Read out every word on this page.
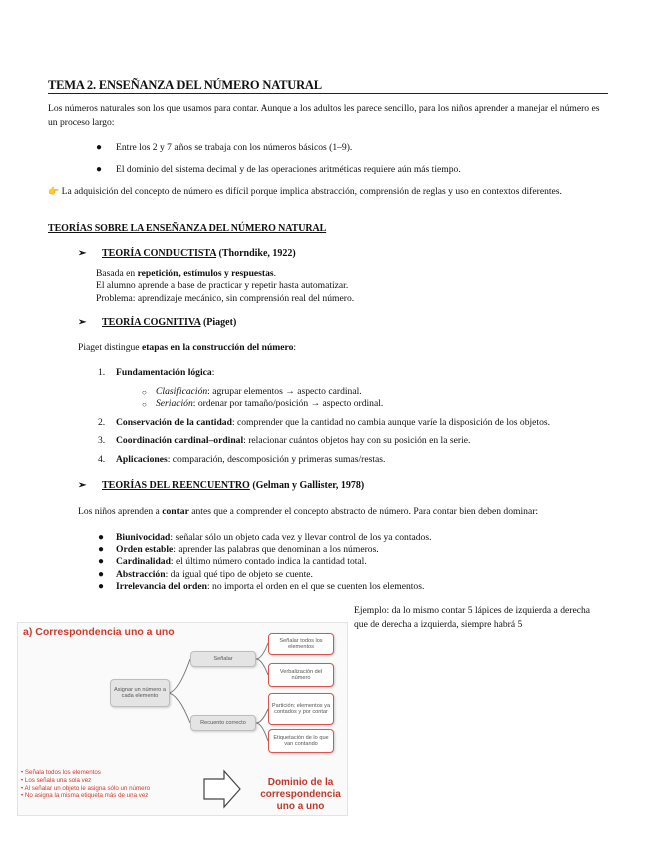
TEMA 2. ENSEÑANZA DEL NÚMERO NATURAL
Los números naturales son los que usamos para contar. Aunque a los adultos les parece sencillo, para los niños aprender a manejar el número es un proceso largo:
● Entre los 2 y 7 años se trabaja con los números básicos (1–9).
● El dominio del sistema decimal y de las operaciones aritméticas requiere aún más tiempo.
👉 La adquisición del concepto de número es difícil porque implica abstracción, comprensión de reglas y uso en contextos diferentes.
TEORÍAS SOBRE LA ENSEÑANZA DEL NÚMERO NATURAL
➢ TEORÍA CONDUCTISTA (Thorndike, 1922)
Basada en repetición, estímulos y respuestas.
El alumno aprende a base de practicar y repetir hasta automatizar.
Problema: aprendizaje mecánico, sin comprensión real del número.
➢ TEORÍA COGNITIVA (Piaget)
Piaget distingue etapas en la construcción del número:
1. Fundamentación lógica:
○ Clasificación: agrupar elementos → aspecto cardinal.
○ Seriación: ordenar por tamaño/posición → aspecto ordinal.
2. Conservación de la cantidad: comprender que la cantidad no cambia aunque varíe la disposición de los objetos.
3. Coordinación cardinal–ordinal: relacionar cuántos objetos hay con su posición en la serie.
4. Aplicaciones: comparación, descomposición y primeras sumas/restas.
➢ TEORÍAS DEL REENCUENTRO (Gelman y Gallister, 1978)
Los niños aprenden a contar antes que a comprender el concepto abstracto de número. Para contar bien deben dominar:
● Biunivocidad: señalar sólo un objeto cada vez y llevar control de los ya contados.
● Orden estable: aprender las palabras que denominan a los números.
● Cardinalidad: el último número contado indica la cantidad total.
● Abstracción: da igual qué tipo de objeto se cuente.
● Irrelevancia del orden: no importa el orden en el que se cuenten los elementos.
a) Correspondencia uno a uno
Asignar un número a cada elemento
Señalar
Recuento correcto
Señalar todos los elementos
Verbalización del número
Partición: elementos ya contados y por contar
Etiquetación de lo que van contando
• Señala todos los elementos
• Los señala una sola vez
• Al señalar un objeto le asigna sólo un número
• No asigna la misma etiqueta más de una vez
Dominio de la correspondencia uno a uno
Ejemplo: da lo mismo contar 5 lápices de izquierda a derecha que de derecha a izquierda, siempre habrá 5
